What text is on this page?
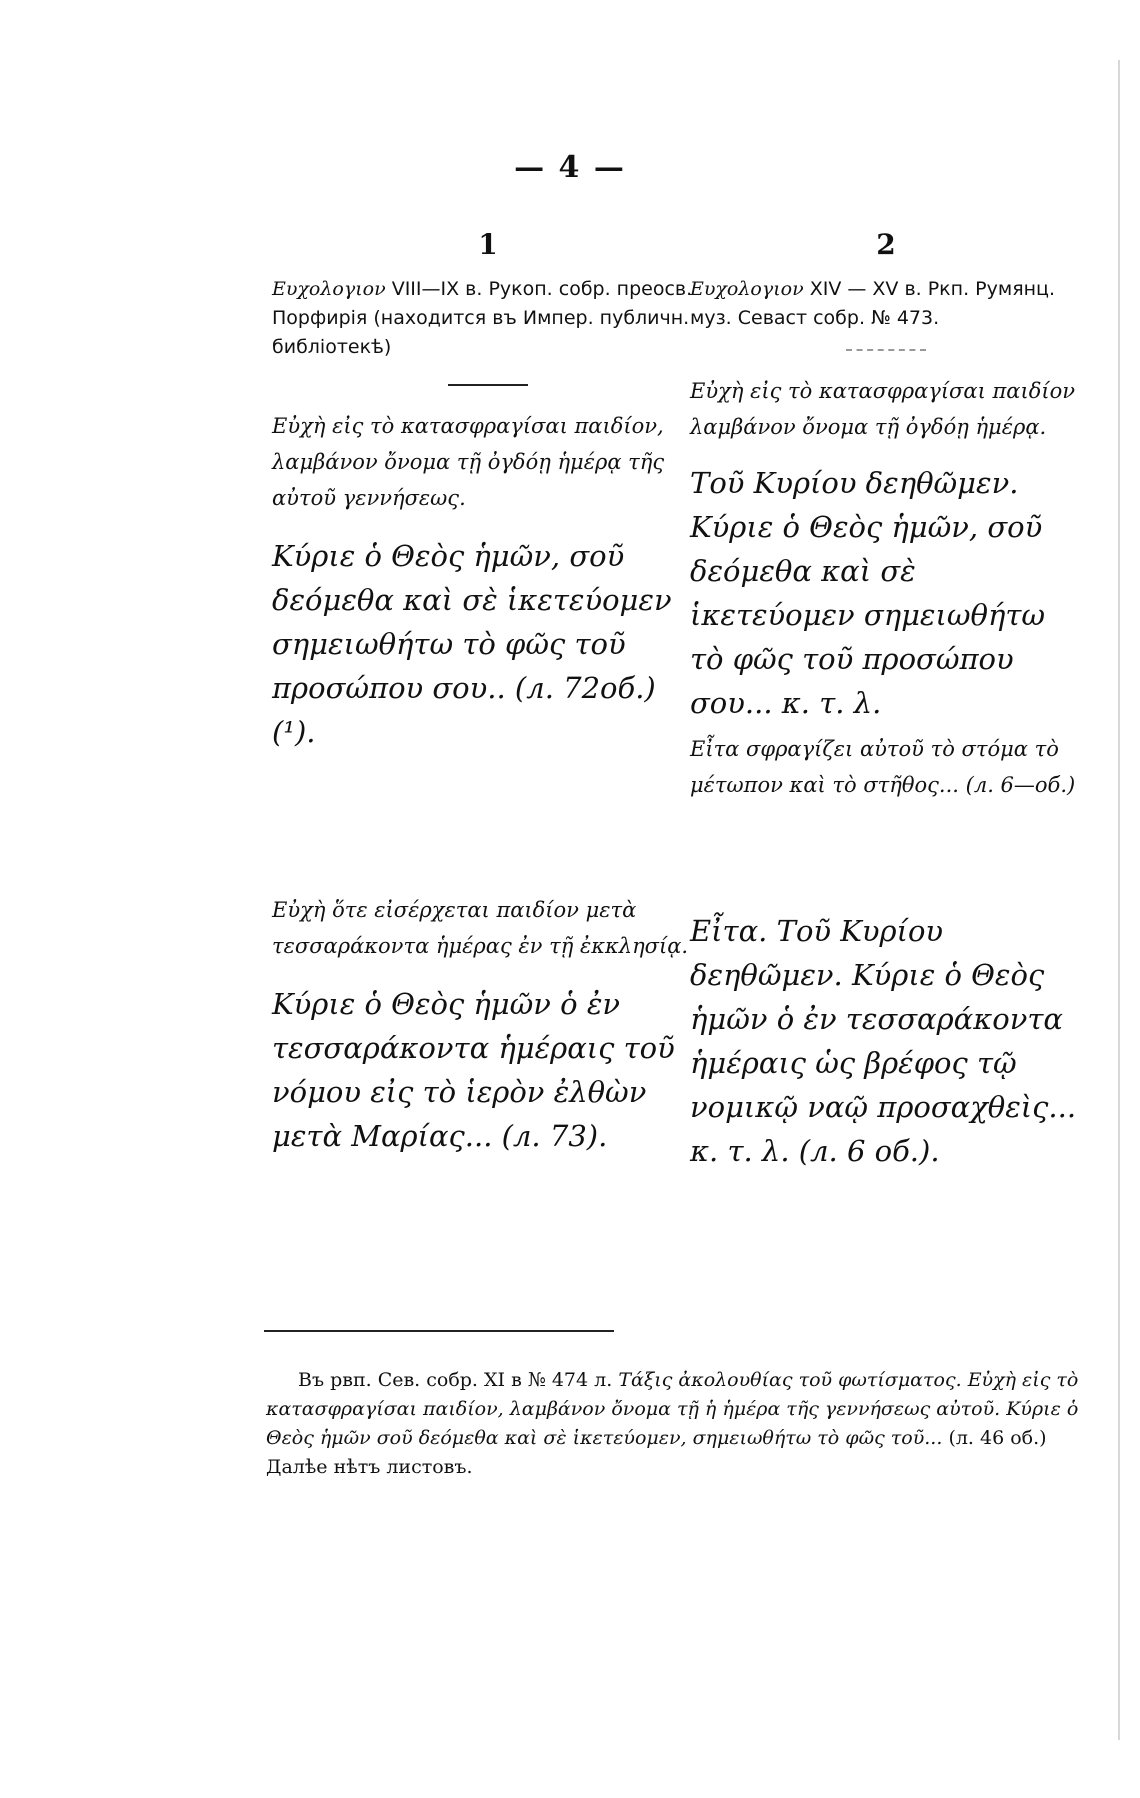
— 4 —
1
Ευχολογιον VIII—IX в. Рукоп. собр. преосв. Порфирія (находится въ Импер. публичн. библіотекѣ)
Εὐχὴ εἰς τὸ κατασφραγίσαι παιδίον, λαμβάνον ὄνομα τῇ ὀγδόῃ ἡμέρᾳ τῆς αὐτοῦ γεννήσεως.
Κύριε ὁ Θεὸς ἡμῶν, σοῦ δεόμεθα καὶ σὲ ἱκετεύομεν σημειωθήτω τὸ φῶς τοῦ προσώπου σου.. (л. 72об.) (¹).
Εὐχὴ ὅτε εἰσέρχεται παιδίον μετὰ τεσσαράκοντα ἡμέρας ἐν τῇ ἐκκλησίᾳ.
Κύριε ὁ Θεὸς ἡμῶν ὁ ἐν τεσσαράκοντα ἡμέραις τοῦ νόμου εἰς τὸ ἱερὸν ἐλθὼν μετὰ Μαρίας... (л. 73).
2
Ευχολογιον XIV — XV в. Ркп. Румянц. муз. Севаст собр. № 473.
Εὐχὴ εἰς τὸ κατασφραγίσαι παιδίον λαμβάνον ὄνομα τῇ ὀγδόῃ ἡμέρᾳ.
Τοῦ Κυρίου δεηθῶμεν.
Κύριε ὁ Θεὸς ἡμῶν, σοῦ δεόμεθα καὶ σὲ ἱκετεύομεν σημειωθήτω τὸ φῶς τοῦ προσώπου σου... κ. τ. λ.
Εἶτα σφραγίζει αὐτοῦ τὸ στόμα τὸ μέτωπον καὶ τὸ στῆθος... (л. 6—об.)
Εἶτα. Τοῦ Κυρίου δεηθῶμεν. Κύριε ὁ Θεὸς ἡμῶν ὁ ἐν τεσσαράκοντα ἡμέραις ὡς βρέφος τῷ νομικῷ ναῷ προσαχθεὶς... κ. τ. λ. (л. 6 об.).
Въ рвп. Сев. собр. XI в № 474 л. Τάξις ἀκολουθίας τοῦ φωτίσματος. Εὐχὴ εἰς τὸ κατασφραγίσαι παιδίον, λαμβάνον ὄνομα τῇ ἡ ἡμέρα τῆς γεννήσεως αὐτοῦ. Κύριε ὁ Θεὸς ἡμῶν σοῦ δεόμεθα καὶ σὲ ἱκετεύομεν, σημειωθήτω τὸ φῶς τοῦ... (л. 46 об.) Далѣе нѣтъ листовъ.
